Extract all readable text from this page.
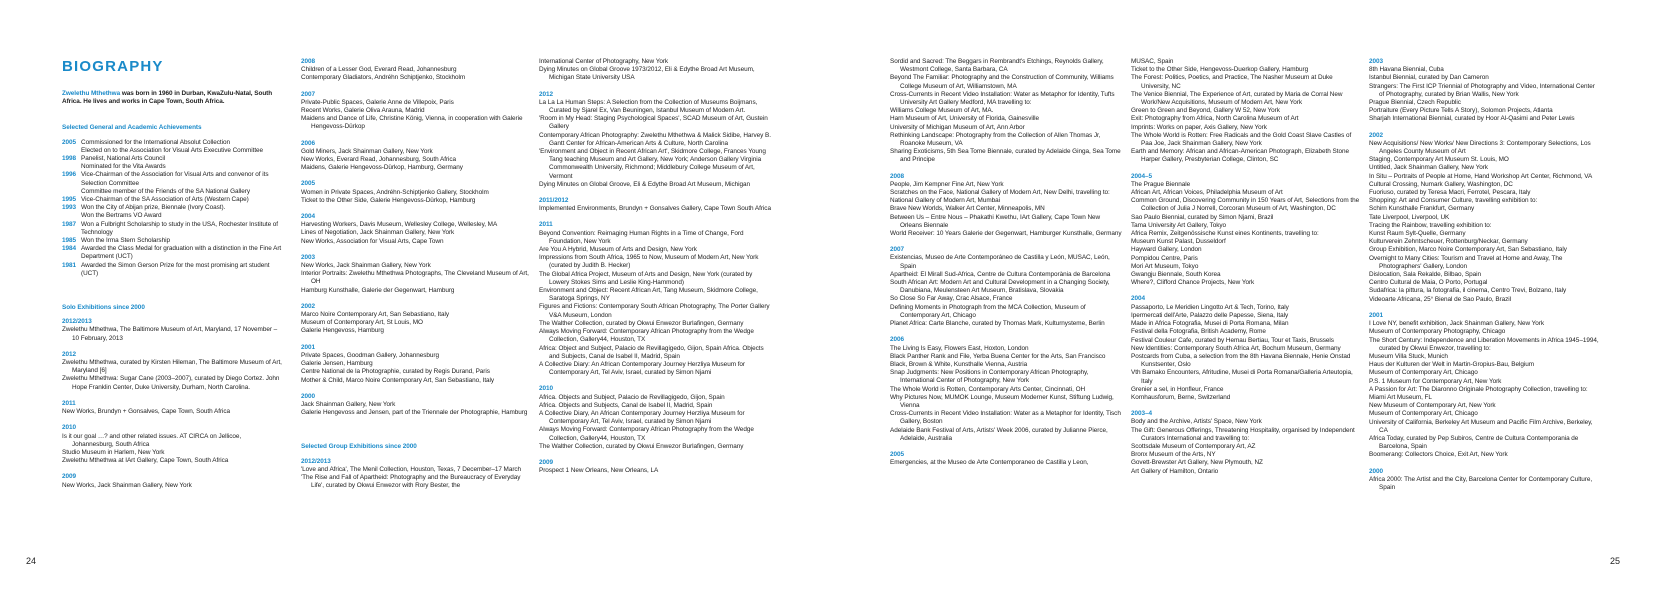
BIOGRAPHY
Zwelethu Mthethwa was born in 1960 in Durban, KwaZulu-Natal, South Africa. He lives and works in Cape Town, South Africa.
Selected General and Academic Achievements
2005 Commissioned for the International Absolut Collection
Elected on to the Association for Visual Arts Executive Committee
1998 Panelist, National Arts Council
Nominated for the Vita Awards
1996 Vice-Chairman of the Association for Visual Arts and convenor of its Selection Committee
Committee member of the Friends of the SA National Gallery
1995 Vice-Chairman of the SA Association of Arts (Western Cape)
1993 Won the City of Abijan prize, Biennale (Ivory Coast).
Won the Bertrams VO Award
1987 Won a Fulbright Scholarship to study in the USA, Rochester Institute of Technology
1985 Won the Irma Stern Scholarship
1984 Awarded the Class Medal for graduation with a distinction in the Fine Art Department (UCT)
1981 Awarded the Simon Gerson Prize for the most promising art student (UCT)
Solo Exhibitions since 2000
2012/2013
Zwelethu Mthethwa, The Baltimore Museum of Art, Maryland, 17 November – 10 February, 2013
2012
Zwelethu Mthethwa, curated by Kirsten Hileman, The Baltimore Museum of Art, Maryland [6]
Zwelethu Mthethwa: Sugar Cane (2003–2007), curated by Diego Cortez. John Hope Franklin Center, Duke University, Durham, North Carolina.
2011
New Works, Brundyn + Gonsalves, Cape Town, South Africa
2010
Is it our goal …? and other related issues. AT CIRCA on Jellicoe, Johannesburg, South Africa
Studio Museum in Harlem, New York
Zwelethu Mthethwa at IArt Gallery, Cape Town, South Africa
2009
New Works, Jack Shainman Gallery, New York
2008
Children of a Lesser God, Everard Read, Johannesburg
Contemporary Gladiators, Andréhn Schiptjenko, Stockholm
2007
Private-Public Spaces, Galerie Anne de Villepoix, Paris
Recent Works, Galerie Oliva Arauna, Madrid
Maidens and Dance of Life, Christine König, Vienna, in cooperation with Galerie Hengevoss-Dürkop
2006
Gold Miners, Jack Shainman Gallery, New York
New Works, Everard Read, Johannesburg, South Africa
Maidens, Galerie Hengevoss-Dürkop, Hamburg, Germany
2005
Women in Private Spaces, Andréhn-Schiptjenko Gallery, Stockholm
Ticket to the Other Side, Galerie Hengevoss-Dürkop, Hamburg
2004
Harvesting Workers, Davis Museum, Wellesley College, Wellesley, MA
Lines of Negotiation, Jack Shainman Gallery, New York
New Works, Association for Visual Arts, Cape Town
2003
New Works, Jack Shainman Gallery, New York
Interior Portraits: Zwelethu Mthethwa Photographs, The Cleveland Museum of Art, OH
Hamburg Kunsthalle, Galerie der Gegenwart, Hamburg
2002
Marco Noire Contemporary Art, San Sebastiano, Italy
Museum of Contemporary Art, St Louis, MO
Galerie Hengevoss, Hamburg
2001
Private Spaces, Goodman Gallery, Johannesburg
Galerie Jensen, Hamburg
Centre National de la Photographie, curated by Regis Durand, Paris
Mother & Child, Marco Noire Contemporary Art, San Sebastiano, Italy
2000
Jack Shainman Gallery, New York
Galerie Hengevoss and Jensen, part of the Triennale der Photographie, Hamburg
Selected Group Exhibitions since 2000
2012/2013
'Love and Africa', The Menil Collection, Houston, Texas, 7 December–17 March
'The Rise and Fall of Apartheid: Photography and the Bureaucracy of Everyday Life', curated by Okwui Enwezor with Rory Bester, the
International Center of Photography, New York
Dying Minutes on Global Groove 1973/2012, Eli & Edythe Broad Art Museum, Michigan State University USA
2012
La La La Human Steps: A Selection from the Collection of Museums Boijmans, Curated by Sjarel Ex, Van Beuningen, Istanbul Museum of Modern Art.
'Room in My Head: Staging Psychological Spaces', SCAD Museum of Art, Gustein Gallery
Contemporary African Photography: Zwelethu Mthethwa & Malick Sidibe, Harvey B. Gantt Center for African-American Arts & Culture, North Carolina
'Environment and Object in Recent African Art', Skidmore College, Frances Young Tang teaching Museum and Art Gallery, New York; Anderson Gallery Virginia Commonwealth University, Richmond; Middlebury College Museum of Art, Vermont
Dying Minutes on Global Groove, Eli & Edythe Broad Art Museum, Michigan
2011/2012
Implemented Environments, Brundyn + Gonsalves Gallery, Cape Town South Africa
2011
Beyond Convention: Reimaging Human Rights in a Time of Change, Ford Foundation, New York
Are You A Hybrid, Museum of Arts and Design, New York
Impressions from South Africa, 1965 to Now, Museum of Modern Art, New York (curated by Judith B. Hecker)
The Global Africa Project, Museum of Arts and Design, New York (curated by Lowery Stokes Sims and Leslie King-Hammond)
Environment and Object: Recent African Art, Tang Museum, Skidmore College, Saratoga Springs, NY
Figures and Fictions: Contemporary South African Photography, The Porter Gallery V&A Museum, London
The Walther Collection, curated by Okwui Enwezor Burlafingen, Germany
Always Moving Forward: Contemporary African Photography from the Wedge Collection, Gallery44, Houston, TX
Africa: Object and Subject, Palacio de Revillagigedo, Gijon, Spain Africa. Objects and Subjects, Canal de Isabel II, Madrid, Spain
A Collective Diary: An African Contemporary Journey Herzliya Museum for Contemporary Art, Tel Aviv, Israel, curated by Simon Njami
2010
Africa. Objects and Subject, Palacio de Revillagigedo, Gijon, Spain
Africa. Objects and Subjects, Canal de Isabel II, Madrid, Spain
A Collective Diary, An African Contemporary Journey Herzliya Museum for Contemporary Art, Tel Aviv, Israel, curated by Simon Njami
Always Moving Forward: Contemporary African Photography from the Wedge Collection, Gallery44, Houston, TX
The Walther Collection, curated by Okwui Enwezor Burlafingen, Germany
2009
Prospect 1 New Orleans, New Orleans, LA
Sordid and Sacred: The Beggars in Rembrandt's Etchings, Reynolds Gallery, Westmont College, Santa Barbara, CA
Beyond The Familiar: Photography and the Construction of Community, Williams College Museum of Art, Williamstown, MA
Cross-Currents in Recent Video Installation: Water as Metaphor for Identity, Tufts University Art Gallery Medford, MA travelling to:
Williams College Museum of Art, MA.
Harn Museum of Art, University of Florida, Gainesville
University of Michigan Museum of Art, Ann Arbor
Rethinking Landscape: Photography from the Collection of Allen Thomas Jr, Roanoke Museum, VA
Sharing Exoticisms, 5th Sea Tome Biennale, curated by Adelaide Ginga, Sea Tome and Principe
2008
People, Jim Kempner Fine Art, New York
Scratches on the Face, National Gallery of Modern Art, New Delhi, travelling to:
National Gallery of Modern Art, Mumbai
Brave New Worlds, Walker Art Center, Minneapolis, MN
Between Us – Entre Nous – Phakathi Kwethu, IArt Gallery, Cape Town New Orleans Biennale
World Receiver: 10 Years Galerie der Gegenwart, Hamburger Kunsthalle, Germany
2007
Existencias, Museo de Arte Contemporáneo de Castilla y León, MUSAC, León, Spain
Apartheid: El Mirall Sud-Africa, Centre de Cultura Contemporània de Barcelona
South African Art: Modern Art and Cultural Development in a Changing Society, Danubiana, Meulensteen Art Museum, Bratislava, Slovakia
So Close So Far Away, Crac Alsace, France
Defining Moments in Photograph from the MCA Collection, Museum of Contemporary Art, Chicago
Planet Africa: Carte Blanche, curated by Thomas Mark, Kulturnysteme, Berlin
2006
The Living Is Easy, Flowers East, Hoxton, London
Black Panther Rank and File, Yerba Buena Center for the Arts, San Francisco
Black, Brown & White, Kunsthalle Vienna, Austria
Snap Judgments: New Positions in Contemporary African Photography, International Center of Photography, New York
The Whole World is Rotten, Contemporary Arts Center, Cincinnati, OH
Why Pictures Now, MUMOK Lounge, Museum Moderner Kunst, Stiftung Ludwig, Vienna
Cross-Currents in Recent Video Installation: Water as a Metaphor for Identity, Tisch Gallery, Boston
Adelaide Bank Festival of Arts, Artists' Week 2006, curated by Julianne Pierce, Adelaide, Australia
2005
Emergencies, at the Museo de Arte Contemporaneo de Castilla y Leon,
MUSAC, Spain
Ticket to the Other Side, Hengevoss-Duerkop Gallery, Hamburg
The Forest: Politics, Poetics, and Practice, The Nasher Museum at Duke University, NC
The Venice Biennial, The Experience of Art, curated by Maria de Corral New Work/New Acquisitions, Museum of Modern Art, New York
Green to Green and Beyond, Gallery W 52, New York
Exit: Photography from Africa, North Carolina Museum of Art
Imprints: Works on paper, Axis Gallery, New York
The Whole World is Rotten: Free Radicals and the Gold Coast Slave Castles of Paa Joe, Jack Shainman Gallery, New York
Earth and Memory: African and African-American Photograph, Elizabeth Stone Harper Gallery, Presbyterian College, Clinton, SC
2004–5
The Prague Biennale
African Art, African Voices, Philadelphia Museum of Art
Common Ground, Discovering Community in 150 Years of Art, Selections from the Collection of Julia J Norrell, Corcoran Museum of Art, Washington, DC
Sao Paulo Biennial, curated by Simon Njami, Brazil
Tama University Art Gallery, Tokyo
Africa Remix, Zeitgenössische Kunst eines Kontinents, travelling to:
Museum Kunst Palast, Dusseldorf
Hayward Gallery, London
Pompidou Centre, Paris
Mori Art Museum, Tokyo
Gwangju Biennale, South Korea
Where?, Clifford Chance Projects, New York
2004
Passaporto, Le Meridien Lingotto Art & Tech, Torino, Italy
Ipermercati dell'Arte, Palazzo delle Papesse, Siena, Italy
Made in Africa Fotografia, Musei di Porta Romana, Milan
Festival della Fotografia, British Academy, Rome
Festival Couleur Cafe, curated by Hemau Bertiau, Tour et Taxis, Brussels
New Identities: Contemporary South Africa Art, Bochum Museum, Germany
Postcards from Cuba, a selection from the 8th Havana Biennale, Henie Onstad Kunstsenter, Oslo
Vth Bamako Encounters, Afritudine, Musei di Porta Romana/Galleria Arteutopia, Italy
Grenier a sel, in Honfleur, France
Kornhausforum, Berne, Switzerland
2003–4
Body and the Archive, Artists' Space, New York
The Gift: Generous Offerings, Threatening Hospitality, organised by Independent Curators International and travelling to:
Scottsdale Museum of Contemporary Art, AZ
Bronx Museum of the Arts, NY
Govett-Brewster Art Gallery, New Plymouth, NZ
Art Gallery of Hamilton, Ontario
2003
8th Havana Biennial, Cuba
Istanbul Biennial, curated by Dan Cameron
Strangers: The First ICP Triennial of Photography and Video, International Center of Photography, curated by Brian Wallis, New York
Prague Biennial, Czech Republic
Portraiture (Every Picture Tells A Story), Solomon Projects, Atlanta
Sharjah International Biennial, curated by Hoor Al-Qasimi and Peter Lewis
2002
New Acquisitions/ New Works/ New Directions 3: Contemporary Selections, Los Angeles County Museum of Art
Staging, Contemporary Art Museum St. Louis, MO
Untitled, Jack Shainman Gallery, New York
In Situ – Portraits of People at Home, Hand Workshop Art Center, Richmond, VA
Cultural Crossing, Numark Gallery, Washington, DC
Fuoriuso, curated by Teresa Macri, Ferrotel, Pescara, Italy
Shopping: Art and Consumer Culture, travelling exhibition to:
Schirn Kunsthalle Frankfurt, Germany
Tate Liverpool, Liverpool, UK
Tracing the Rainbow, travelling exhibition to:
Kunst Raum Sylt-Quelle, Germany
Kulturverein Zehntscheuer, Rottenburg/Neckar, Germany
Group Exhibition, Marco Noire Contemporary Art, San Sebastiano, Italy
Overnight to Many Cities: Tourism and Travel at Home and Away, The Photographers' Gallery, London
Dislocation, Sala Rekalde, Bilbao, Spain
Centro Cultural de Maia, O Porto, Portugal
Sudafrica: la pittura, la fotografia, il cinema, Centro Trevi, Bolzano, Italy
Videoarte Africana, 25° Bienal de Sao Paulo, Brazil
2001
I Love NY, benefit exhibition, Jack Shainman Gallery, New York
Museum of Contemporary Photography, Chicago
The Short Century: Independence and Liberation Movements in Africa 1945–1994, curated by Okwui Enwezor, travelling to:
Museum Villa Stuck, Munich
Haus der Kulturen der Welt in Martin-Gropius-Bau, Belgium
Museum of Contemporary Art, Chicago
P.S. 1 Museum for Contemporary Art, New York
A Passion for Art: The Diaronno Originale Photography Collection, travelling to:
Miami Art Museum, FL
New Museum of Contemporary Art, New York
Museum of Contemporary Art, Chicago
University of California, Berkeley Art Museum and Pacific Film Archive, Berkeley, CA
Africa Today, curated by Pep Subiros, Centre de Cultura Contemporania de Barcelona, Spain
Boomerang: Collectors Choice, Exit Art, New York
2000
Africa 2000: The Artist and the City, Barcelona Center for Contemporary Culture, Spain
24	25
